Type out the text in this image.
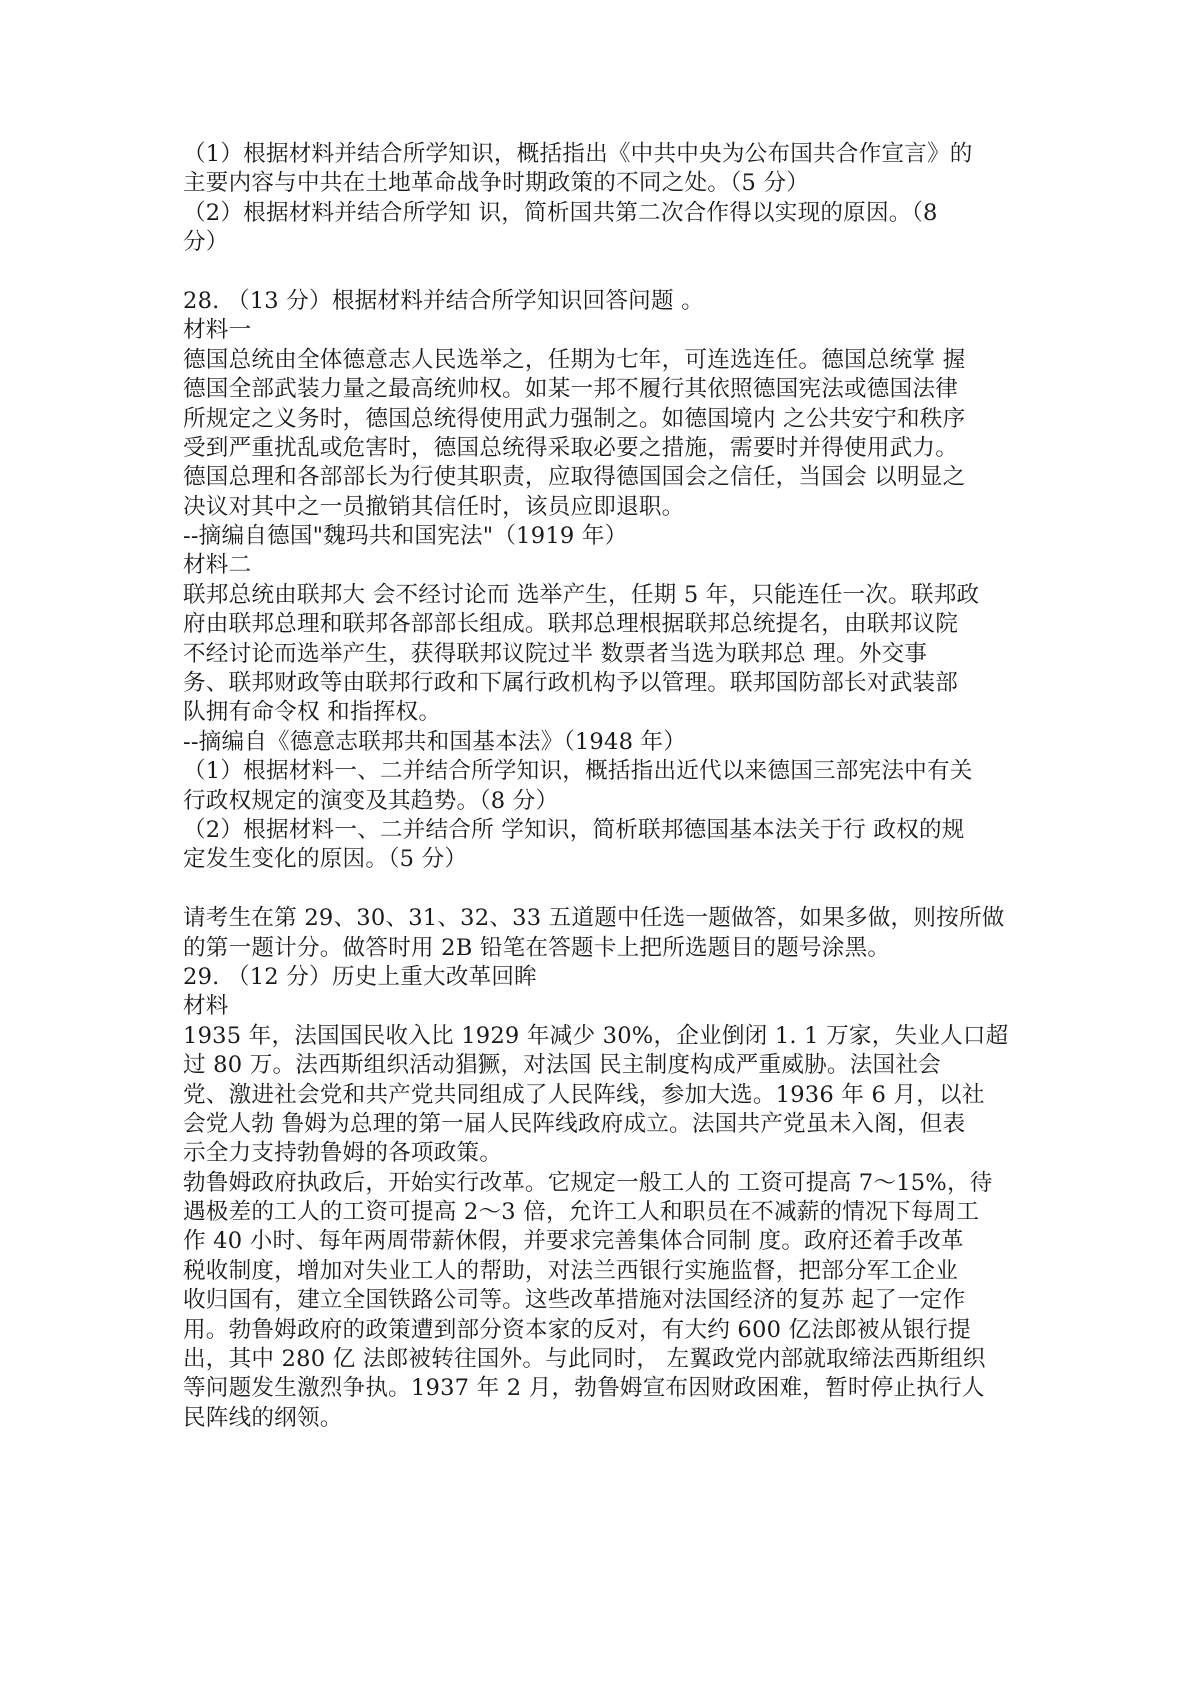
（1）根据材料并结合所学知识，概括指出《中共中央为公布国共合作宣言》的
主要内容与中共在土地革命战争时期政策的不同之处。（5 分）
（2）根据材料并结合所学知 识，简析国共第二次合作得以实现的原因。（8
分）
28. （13 分）根据材料并结合所学知识回答问题 。
材料一
德国总统由全体德意志人民选举之，任期为七年，可连选连任。德国总统掌 握
德国全部武装力量之最高统帅权。如某一邦不履行其依照德国宪法或德国法律
所规定之义务时，德国总统得使用武力强制之。如德国境内 之公共安宁和秩序
受到严重扰乱或危害时，德国总统得采取必要之措施，需要时并得使用武力。
德国总理和各部部长为行使其职责，应取得德国国会之信任，当国会 以明显之
决议对其中之一员撤销其信任时，该员应即退职。
--摘编自德国"魏玛共和国宪法"（1919 年）
材料二
联邦总统由联邦大 会不经讨论而 选举产生，任期 5 年，只能连任一次。联邦政
府由联邦总理和联邦各部部长组成。联邦总理根据联邦总统提名，由联邦议院
不经讨论而选举产生，获得联邦议院过半 数票者当选为联邦总 理。外交事
务、联邦财政等由联邦行政和下属行政机构予以管理。联邦国防部长对武装部
队拥有命令权 和指挥权。
--摘编自《德意志联邦共和国基本法》（1948 年）
（1）根据材料一、二并结合所学知识，概括指出近代以来德国三部宪法中有关
行政权规定的演变及其趋势。（8 分）
（2）根据材料一、二并结合所 学知识，简析联邦德国基本法关于行 政权的规
定发生变化的原因。（5 分）
请考生在第 29、30、31、32、33 五道题中任选一题做答，如果多做，则按所做
的第一题计分。做答时用 2B 铅笔在答题卡上把所选题目的题号涂黑。
29. （12 分）历史上重大改革回眸
材料
1935 年，法国国民收入比 1929 年减少 30%，企业倒闭 1. 1 万家，失业人口超
过 80 万。法西斯组织活动猖獗，对法国 民主制度构成严重威胁。法国社会
党、激进社会党和共产党共同组成了人民阵线，参加大选。1936 年 6 月，以社
会党人勃 鲁姆为总理的第一届人民阵线政府成立。法国共产党虽未入阁，但表
示全力支持勃鲁姆的各项政策。
勃鲁姆政府执政后，开始实行改革。它规定一般工人的 工资可提高 7～15%，待
遇极差的工人的工资可提高 2～3 倍，允许工人和职员在不减薪的情况下每周工
作 40 小时、每年两周带薪休假，并要求完善集体合同制 度。政府还着手改革
税收制度，增加对失业工人的帮助，对法兰西银行实施监督，把部分军工企业
收归国有，建立全国铁路公司等。这些改革措施对法国经济的复苏 起了一定作
用。勃鲁姆政府的政策遭到部分资本家的反对，有大约 600 亿法郎被从银行提
出，其中 280 亿 法郎被转往国外。与此同时， 左翼政党内部就取缔法西斯组织
等问题发生激烈争执。1937 年 2 月，勃鲁姆宣布因财政困难，暂时停止执行人
民阵线的纲领。
